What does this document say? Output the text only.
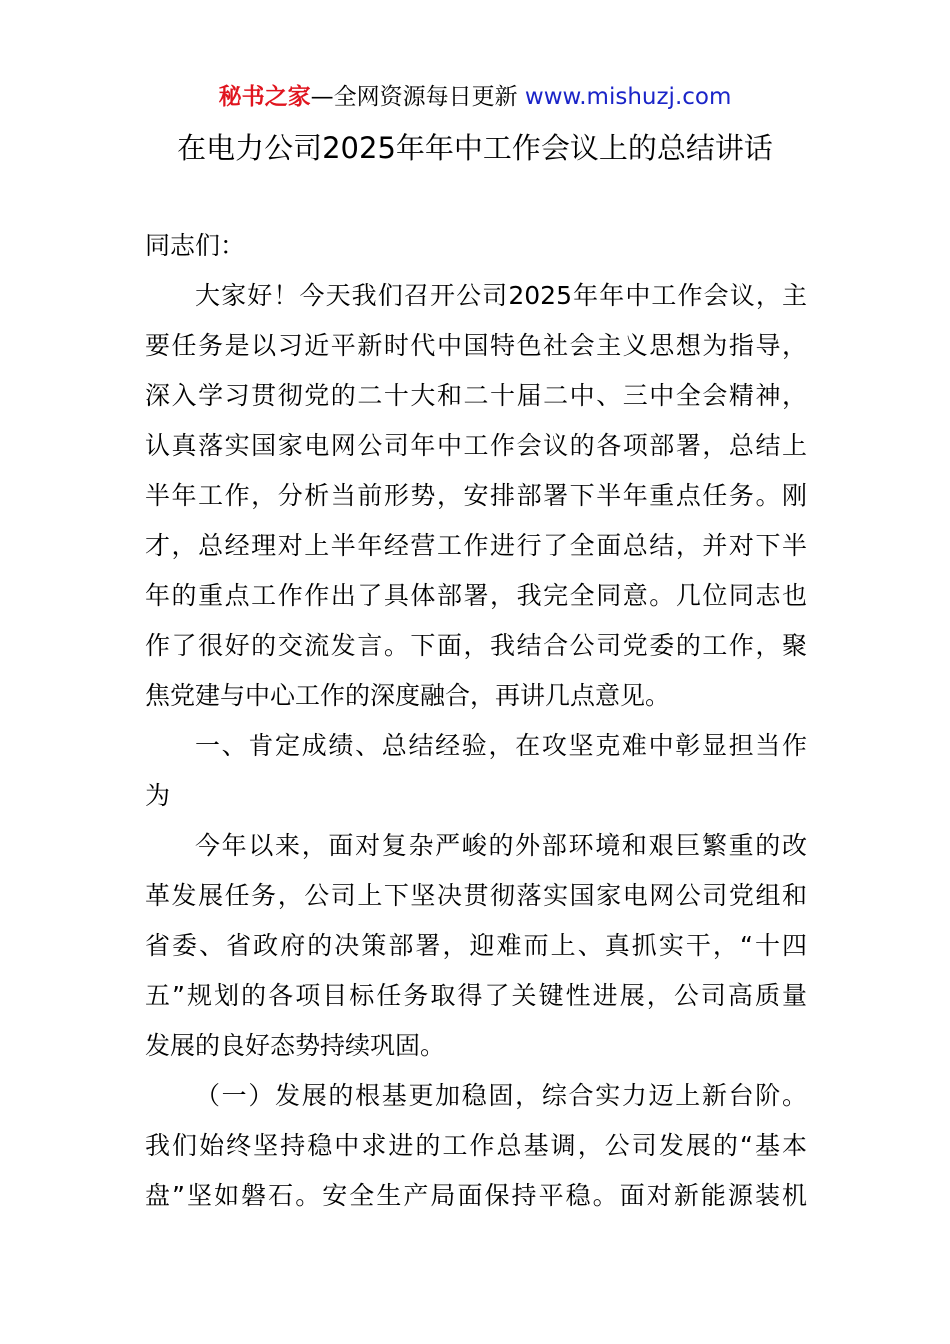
秘书之家—全网资源每日更新 www.mishuzj.com
在电力公司2025年年中工作会议上的总结讲话
同志们：
大家好！今天我们召开公司2025年年中工作会议，主
要任务是以习近平新时代中国特色社会主义思想为指导，
深入学习贯彻党的二十大和二十届二中、三中全会精神，
认真落实国家电网公司年中工作会议的各项部署，总结上
半年工作，分析当前形势，安排部署下半年重点任务。刚
才，总经理对上半年经营工作进行了全面总结，并对下半
年的重点工作作出了具体部署，我完全同意。几位同志也
作了很好的交流发言。下面，我结合公司党委的工作，聚
焦党建与中心工作的深度融合，再讲几点意见。
一、肯定成绩、总结经验，在攻坚克难中彰显担当作
为
今年以来，面对复杂严峻的外部环境和艰巨繁重的改
革发展任务，公司上下坚决贯彻落实国家电网公司党组和
省委、省政府的决策部署，迎难而上、真抓实干，“十四
五”规划的各项目标任务取得了关键性进展，公司高质量
发展的良好态势持续巩固。
（一）发展的根基更加稳固，综合实力迈上新台阶。
我们始终坚持稳中求进的工作总基调，公司发展的“基本
盘”坚如磐石。安全生产局面保持平稳。面对新能源装机
